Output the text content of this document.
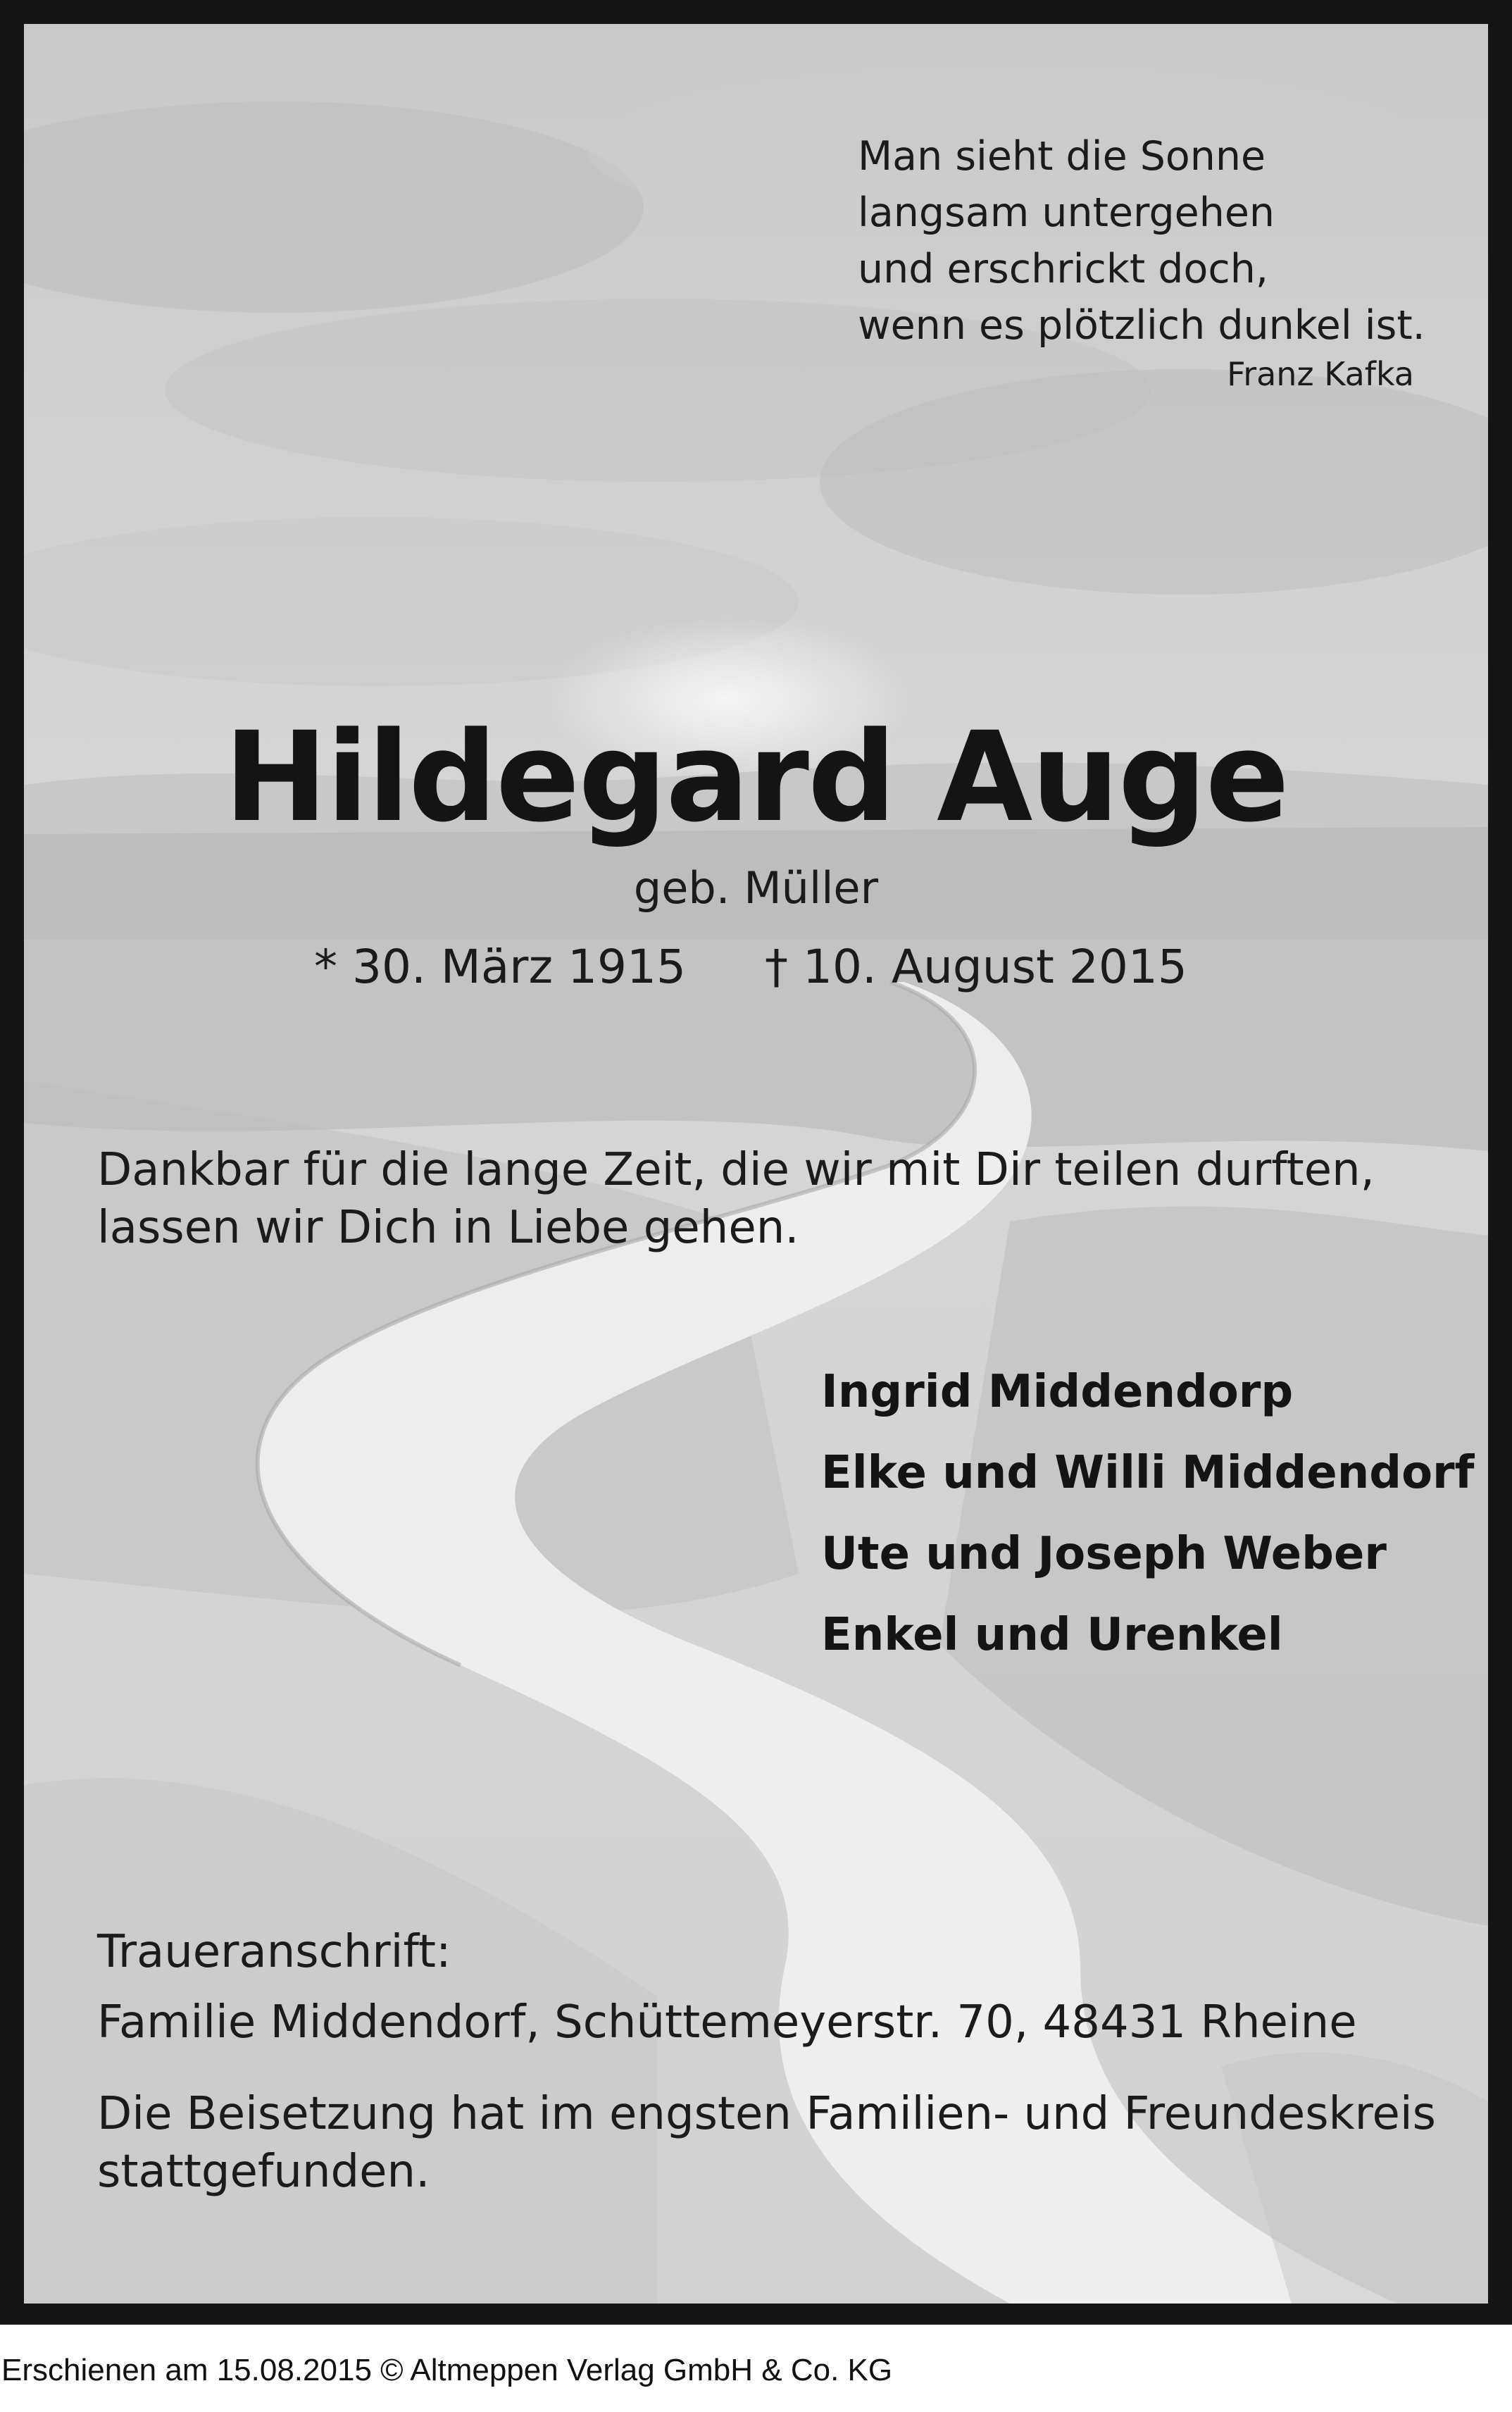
Man sieht die Sonne
langsam untergehen
und erschrickt doch,
wenn es plötzlich dunkel ist.
Franz Kafka
Hildegard Auge
geb. Müller
* 30. März 1915 † 10. August 2015
Dankbar für die lange Zeit, die wir mit Dir teilen durften,
lassen wir Dich in Liebe gehen.
Ingrid Middendorp
Elke und Willi Middendorf
Ute und Joseph Weber
Enkel und Urenkel
Traueranschrift:
Familie Middendorf, Schüttemeyerstr. 70, 48431 Rheine
Die Beisetzung hat im engsten Familien- und Freundeskreis
stattgefunden.
Erschienen am 15.08.2015 © Altmeppen Verlag GmbH & Co. KG
